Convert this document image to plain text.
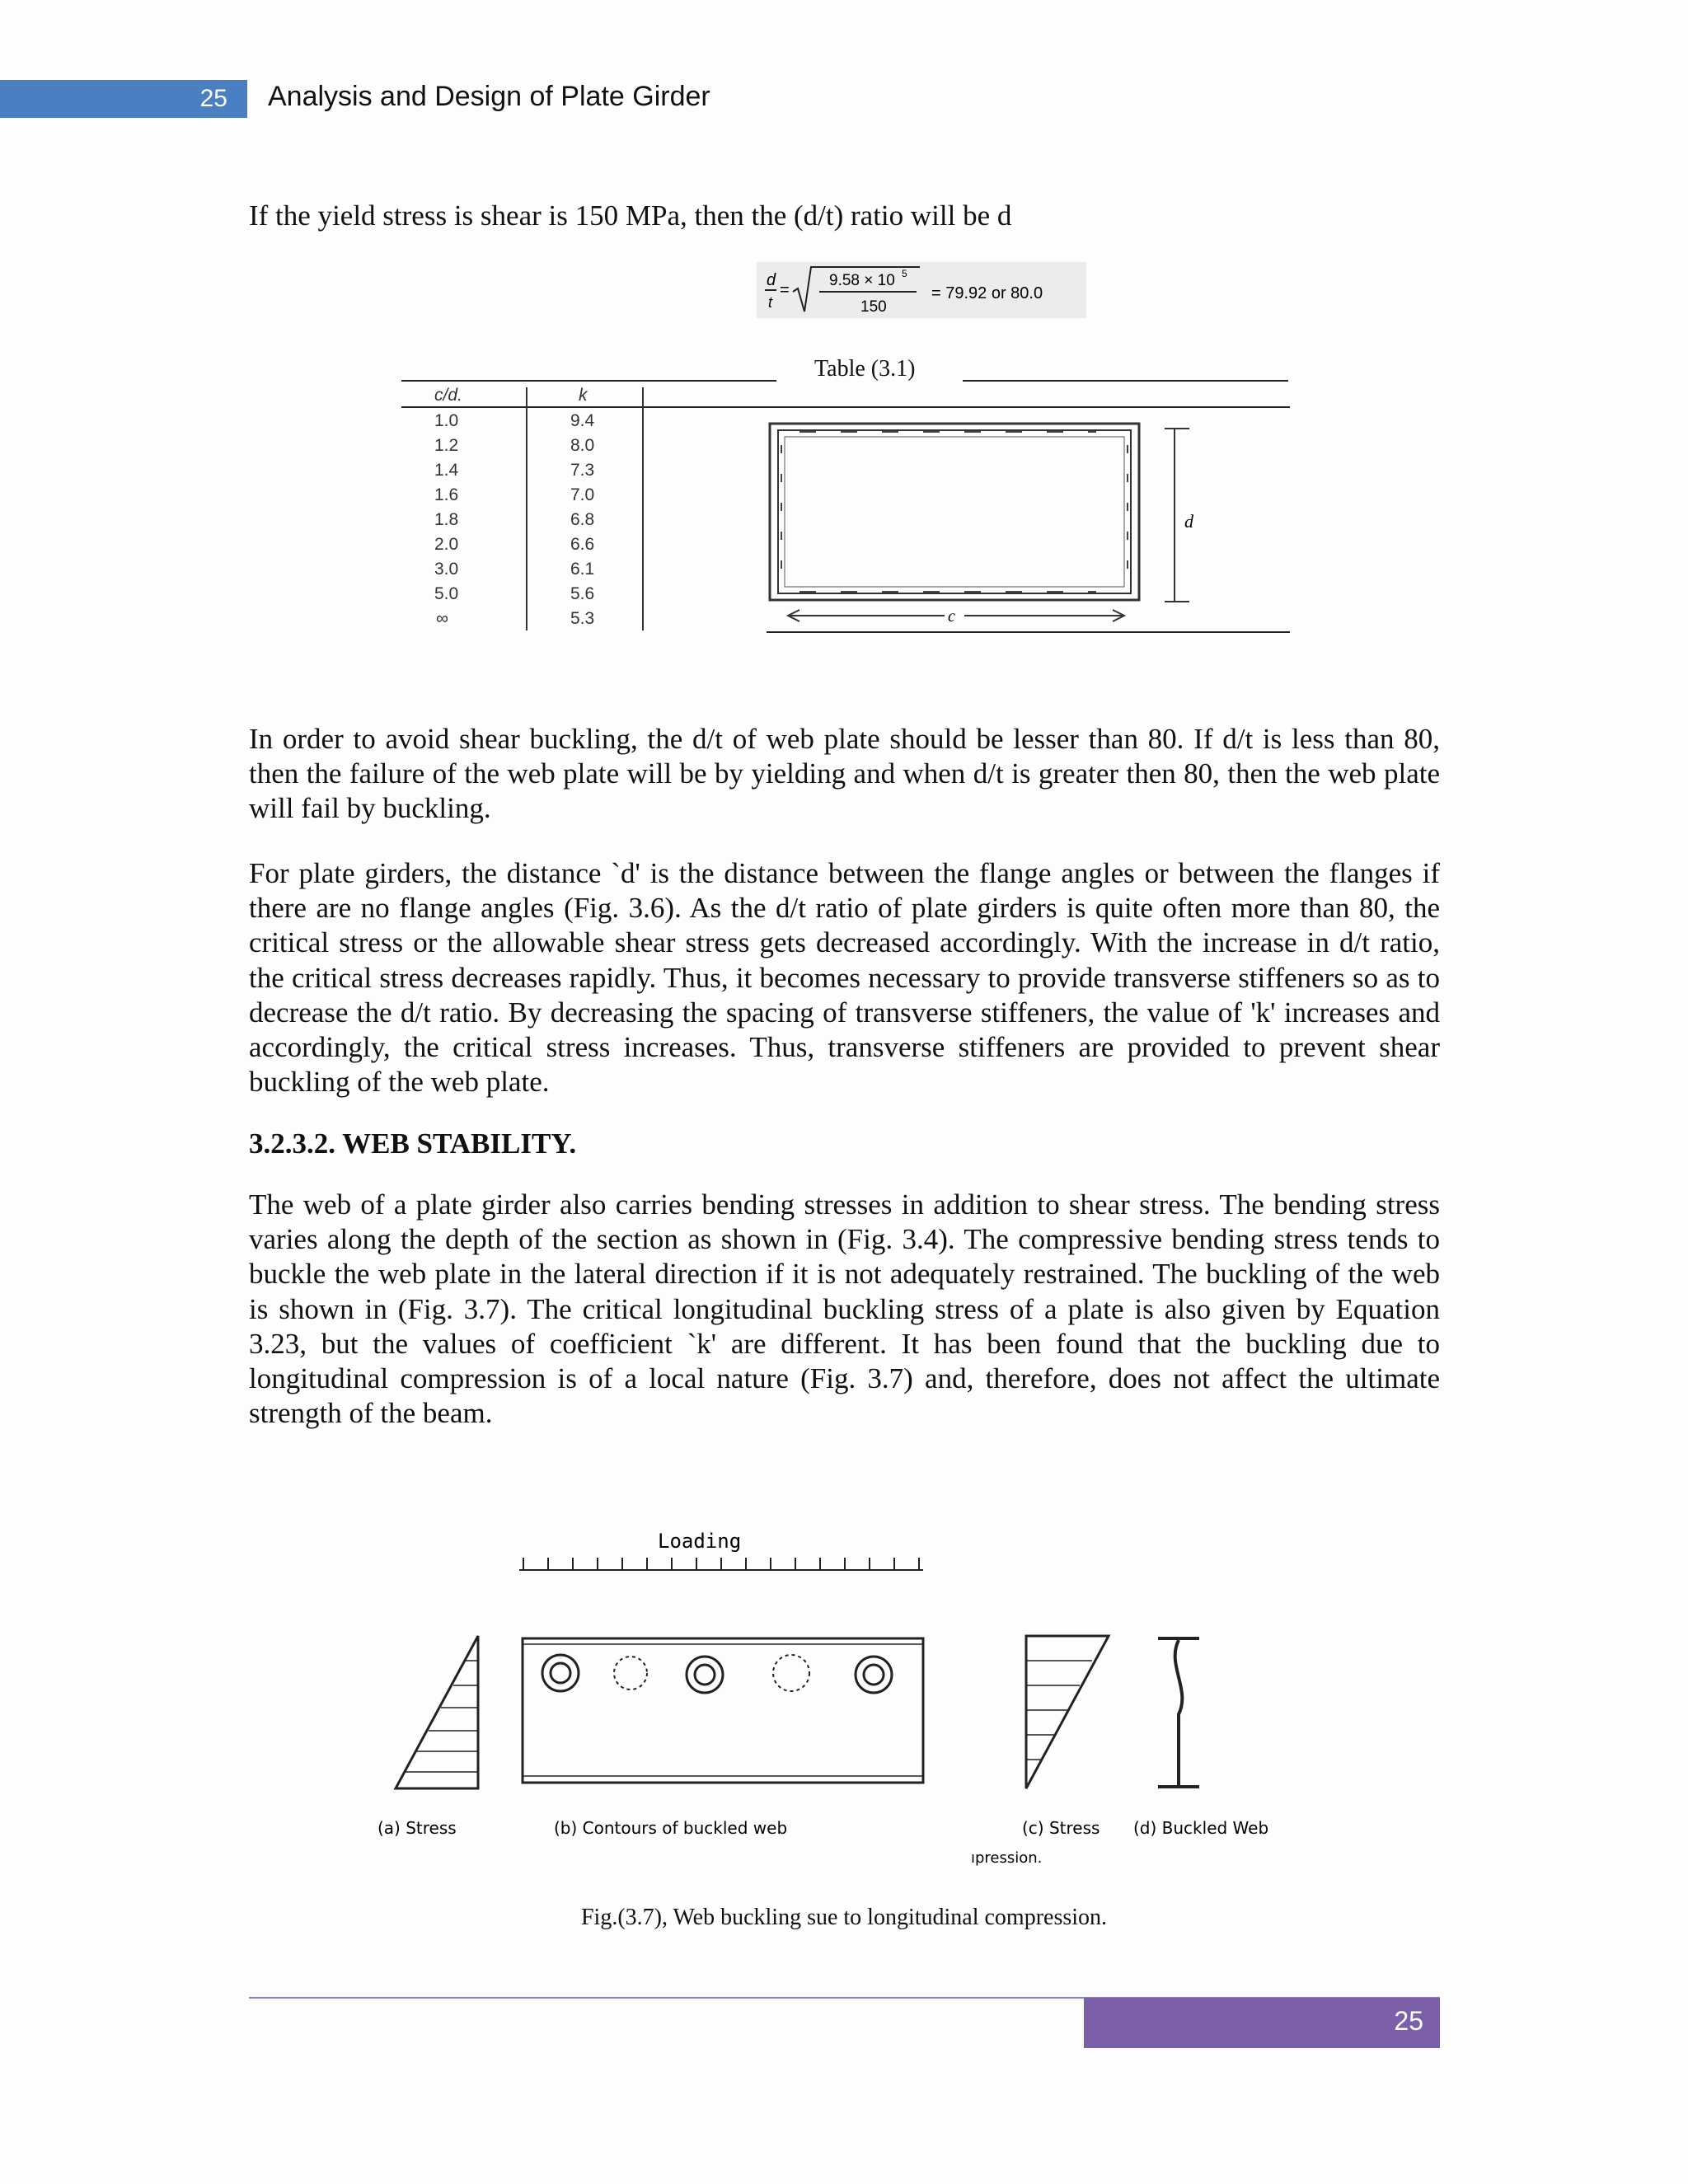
25 Analysis and Design of Plate Girder

If the yield stress is shear is 150 MPa, then the (d/t) ratio will be d

d
t
=
9.58 × 10 5
150
= 79.92 or 80.0
Table (3.1)
c/d.	k
1.0	9.4
1.2	8.0
1.4	7.3
1.6	7.0
1.8	6.8
2.0	6.6
3.0	6.1
5.0	5.6
∞	5.3
d
c

In order to avoid shear buckling, the d/t of web plate should be lesser than 80. If d/t is less than 80, then the failure of the web plate will be by yielding and when d/t is greater then 80, then the web plate will fail by buckling.

For plate girders, the distance `d' is the distance between the flange angles or between the flanges if there are no flange angles (Fig. 3.6). As the d/t ratio of plate girders is quite often more than 80, the critical stress or the allowable shear stress gets decreased accordingly. With the increase in d/t ratio, the critical stress decreases rapidly. Thus, it becomes necessary to provide transverse stiffeners so as to decrease the d/t ratio. By decreasing the spacing of transverse stiffeners, the value of 'k' increases and accordingly, the critical stress increases. Thus, transverse stiffeners are provided to prevent shear buckling of the web plate.

3.2.3.2. WEB STABILITY.

The web of a plate girder also carries bending stresses in addition to shear stress. The bending stress varies along the depth of the section as shown in (Fig. 3.4). The compressive bending stress tends to buckle the web plate in the lateral direction if it is not adequately restrained. The buckling of the web is shown in (Fig. 3.7). The critical longitudinal buckling stress of a plate is also given by Equation 3.23, but the values of coefficient `k' are different. It has been found that the buckling due to longitudinal compression is of a local nature (Fig. 3.7) and, therefore, does not affect the ultimate strength of the beam.

Loading
(a) Stress	(b) Contours of buckled web	(c) Stress (d) Buckled Web
ıpression.
Fig.(3.7), Web buckling sue to longitudinal compression.
25
